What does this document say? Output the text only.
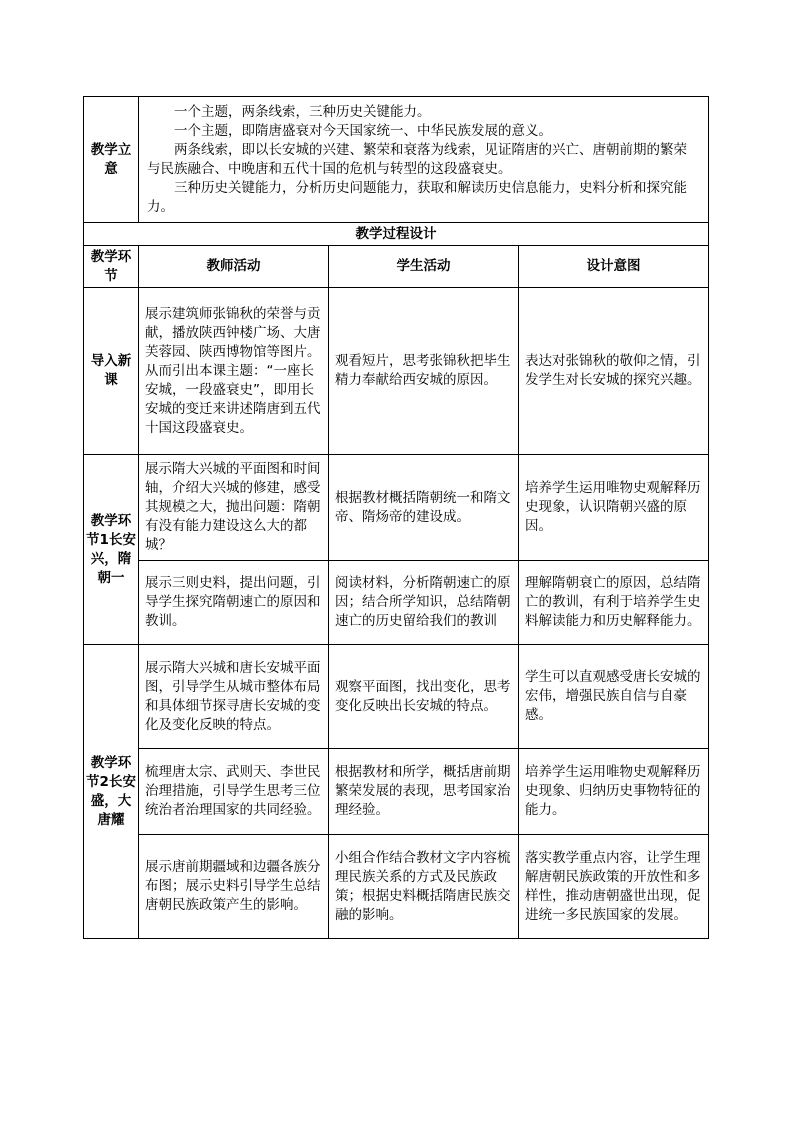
教学立意	一个主题，两条线索，三种历史关键能力。

一个主题，即隋唐盛衰对今天国家统一、中华民族发展的意义。

两条线索，即以长安城的兴建、繁荣和衰落为线索，见证隋唐的兴亡、唐朝前期的繁荣与民族融合、中晚唐和五代十国的危机与转型的这段盛衰史。

三种历史关键能力，分析历史问题能力，获取和解读历史信息能力，史料分析和探究能力。		

教学过程设计			
教学环节	教师活动	学生活动	设计意图
导入新课	展示建筑师张锦秋的荣誉与贡献，播放陕西钟楼广场、大唐芙蓉园、陕西博物馆等图片。从而引出本课主题：“一座长安城，一段盛衰史”，即用长安城的变迁来讲述隋唐到五代十国这段盛衰史。	观看短片，思考张锦秋把毕生精力奉献给西安城的原因。	表达对张锦秋的敬仰之情，引发学生对长安城的探究兴趣。
教学环节1长安兴，隋朝一	展示隋大兴城的平面图和时间轴，介绍大兴城的修建，感受其规模之大，抛出问题：隋朝有没有能力建设这么大的都城？	根据教材概括隋朝统一和隋文帝、隋炀帝的建设成。	培养学生运用唯物史观解释历史现象，认识隋朝兴盛的原因。
	展示三则史料，提出问题，引导学生探究隋朝速亡的原因和教训。	阅读材料，分析隋朝速亡的原因；结合所学知识，总结隋朝速亡的历史留给我们的教训	理解隋朝衰亡的原因，总结隋亡的教训，有利于培养学生史料解读能力和历史解释能力。
教学环节2长安盛，大唐耀	展示隋大兴城和唐长安城平面图，引导学生从城市整体布局和具体细节探寻唐长安城的变化及变化反映的特点。	观察平面图，找出变化，思考变化反映出长安城的特点。	学生可以直观感受唐长安城的宏伟，增强民族自信与自豪感。
	梳理唐太宗、武则天、李世民治理措施，引导学生思考三位统治者治理国家的共同经验。	根据教材和所学，概括唐前期繁荣发展的表现，思考国家治理经验。	培养学生运用唯物史观解释历史现象、归纳历史事物特征的能力。
	展示唐前期疆域和边疆各族分布图；展示史料引导学生总结唐朝民族政策产生的影响。	小组合作结合教材文字内容梳理民族关系的方式及民族政策；根据史料概括隋唐民族交融的影响。	落实教学重点内容，让学生理解唐朝民族政策的开放性和多样性，推动唐朝盛世出现，促进统一多民族国家的发展。
